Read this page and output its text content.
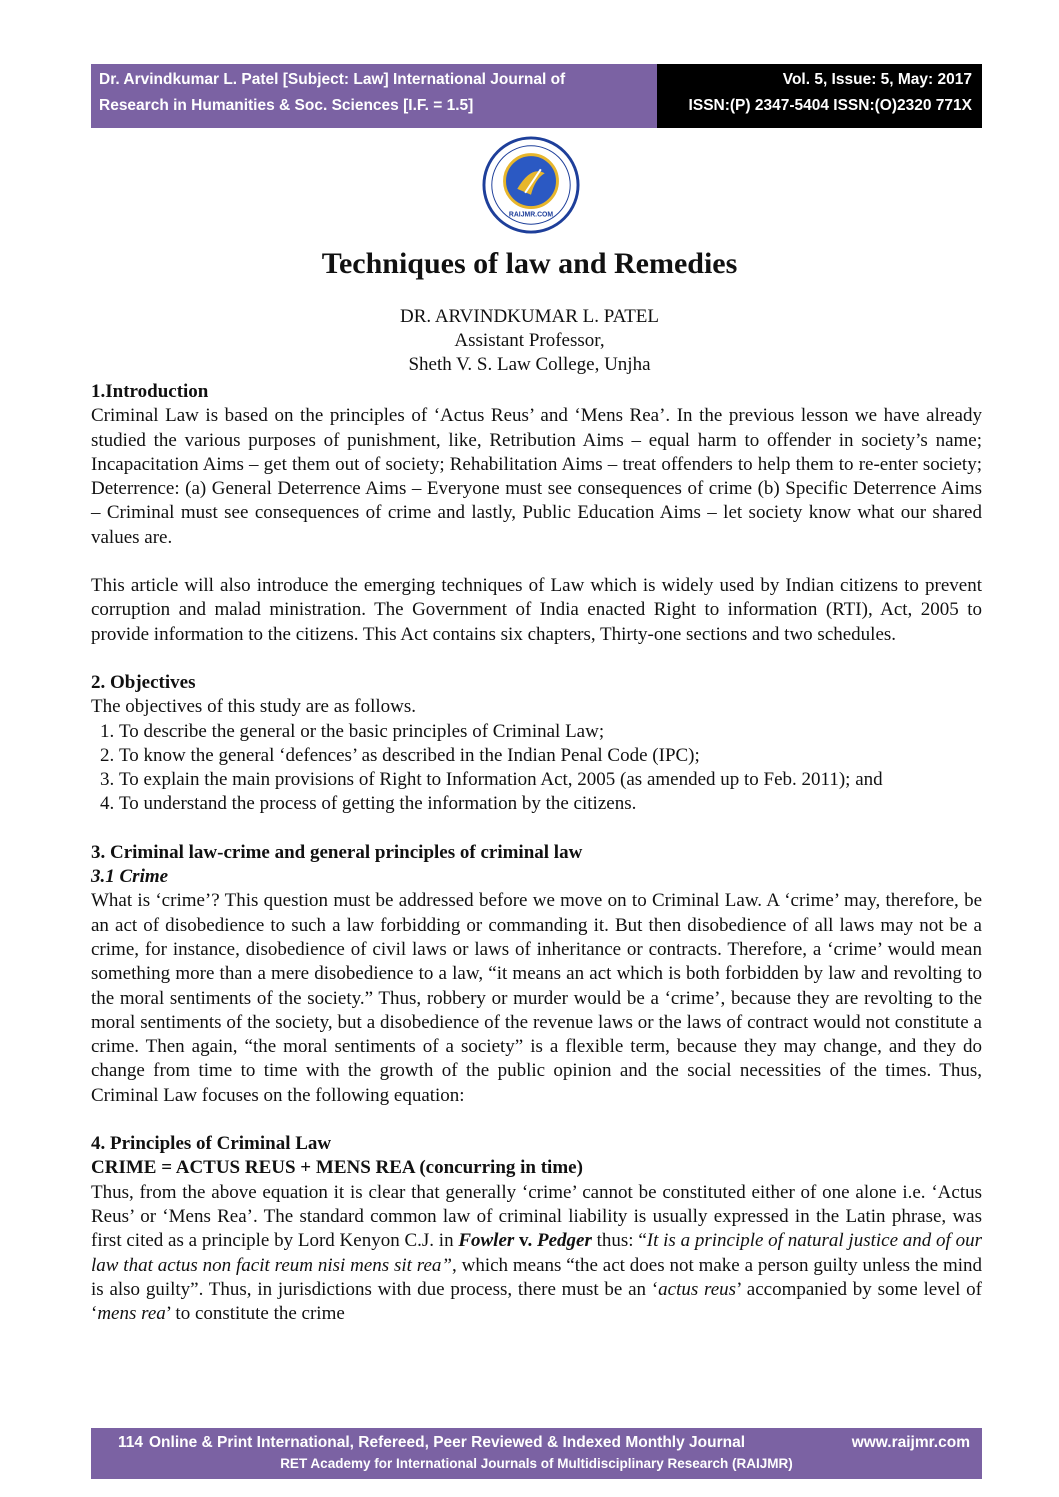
Dr. Arvindkumar L. Patel [Subject: Law] International Journal of
Research in Humanities & Soc. Sciences [I.F. = 1.5]
Vol. 5, Issue: 5, May: 2017
ISSN:(P) 2347-5404 ISSN:(O)2320 771X
RAIJMR.COM
Techniques of law and Remedies
DR. ARVINDKUMAR L. PATEL
Assistant Professor,
Sheth V. S. Law College, Unjha

1.Introduction

Criminal Law is based on the principles of ‘Actus Reus’ and ‘Mens Rea’. In the previous lesson we have already studied the various purposes of punishment, like, Retribution Aims – equal harm to offender in society’s name; Incapacitation Aims – get them out of society; Rehabilitation Aims – treat offenders to help them to re-enter society; Deterrence: (a) General Deterrence Aims – Everyone must see consequences of crime (b) Specific Deterrence Aims – Criminal must see consequences of crime and lastly, Public Education Aims – let society know what our shared values are.

This article will also introduce the emerging techniques of Law which is widely used by Indian citizens to prevent corruption and malad ministration. The Government of India enacted Right to information (RTI), Act, 2005 to provide information to the citizens. This Act contains six chapters, Thirty-one sections and two schedules.

2. Objectives

The objectives of this study are as follows.

1. To describe the general or the basic principles of Criminal Law;
2. To know the general ‘defences’ as described in the Indian Penal Code (IPC);
3. To explain the main provisions of Right to Information Act, 2005 (as amended up to Feb. 2011); and
4. To understand the process of getting the information by the citizens.

3. Criminal law-crime and general principles of criminal law

3.1 Crime

What is ‘crime’? This question must be addressed before we move on to Criminal Law. A ‘crime’ may, therefore, be an act of disobedience to such a law forbidding or commanding it. But then disobedience of all laws may not be a crime, for instance, disobedience of civil laws or laws of inheritance or contracts. Therefore, a ‘crime’ would mean something more than a mere disobedience to a law, “it means an act which is both forbidden by law and revolting to the moral sentiments of the society.” Thus, robbery or murder would be a ‘crime’, because they are revolting to the moral sentiments of the society, but a disobedience of the revenue laws or the laws of contract would not constitute a crime. Then again, “the moral sentiments of a society” is a flexible term, because they may change, and they do change from time to time with the growth of the public opinion and the social necessities of the times. Thus, Criminal Law focuses on the following equation:

4. Principles of Criminal Law

CRIME = ACTUS REUS + MENS REA (concurring in time)

Thus, from the above equation it is clear that generally ‘crime’ cannot be constituted either of one alone i.e. ‘Actus Reus’ or ‘Mens Rea’. The standard common law of criminal liability is usually expressed in the Latin phrase, was first cited as a principle by Lord Kenyon C.J. in Fowler v. Pedger thus: “It is a principle of natural justice and of our law that actus non facit reum nisi mens sit rea”, which means “the act does not make a person guilty unless the mind is also guilty”. Thus, in jurisdictions with due process, there must be an ‘actus reus’ accompanied by some level of ‘mens rea’ to constitute the crime

114 Online & Print International, Refereed, Peer Reviewed & Indexed Monthly Journal	www.raijmr.com
RET Academy for International Journals of Multidisciplinary Research (RAIJMR)
